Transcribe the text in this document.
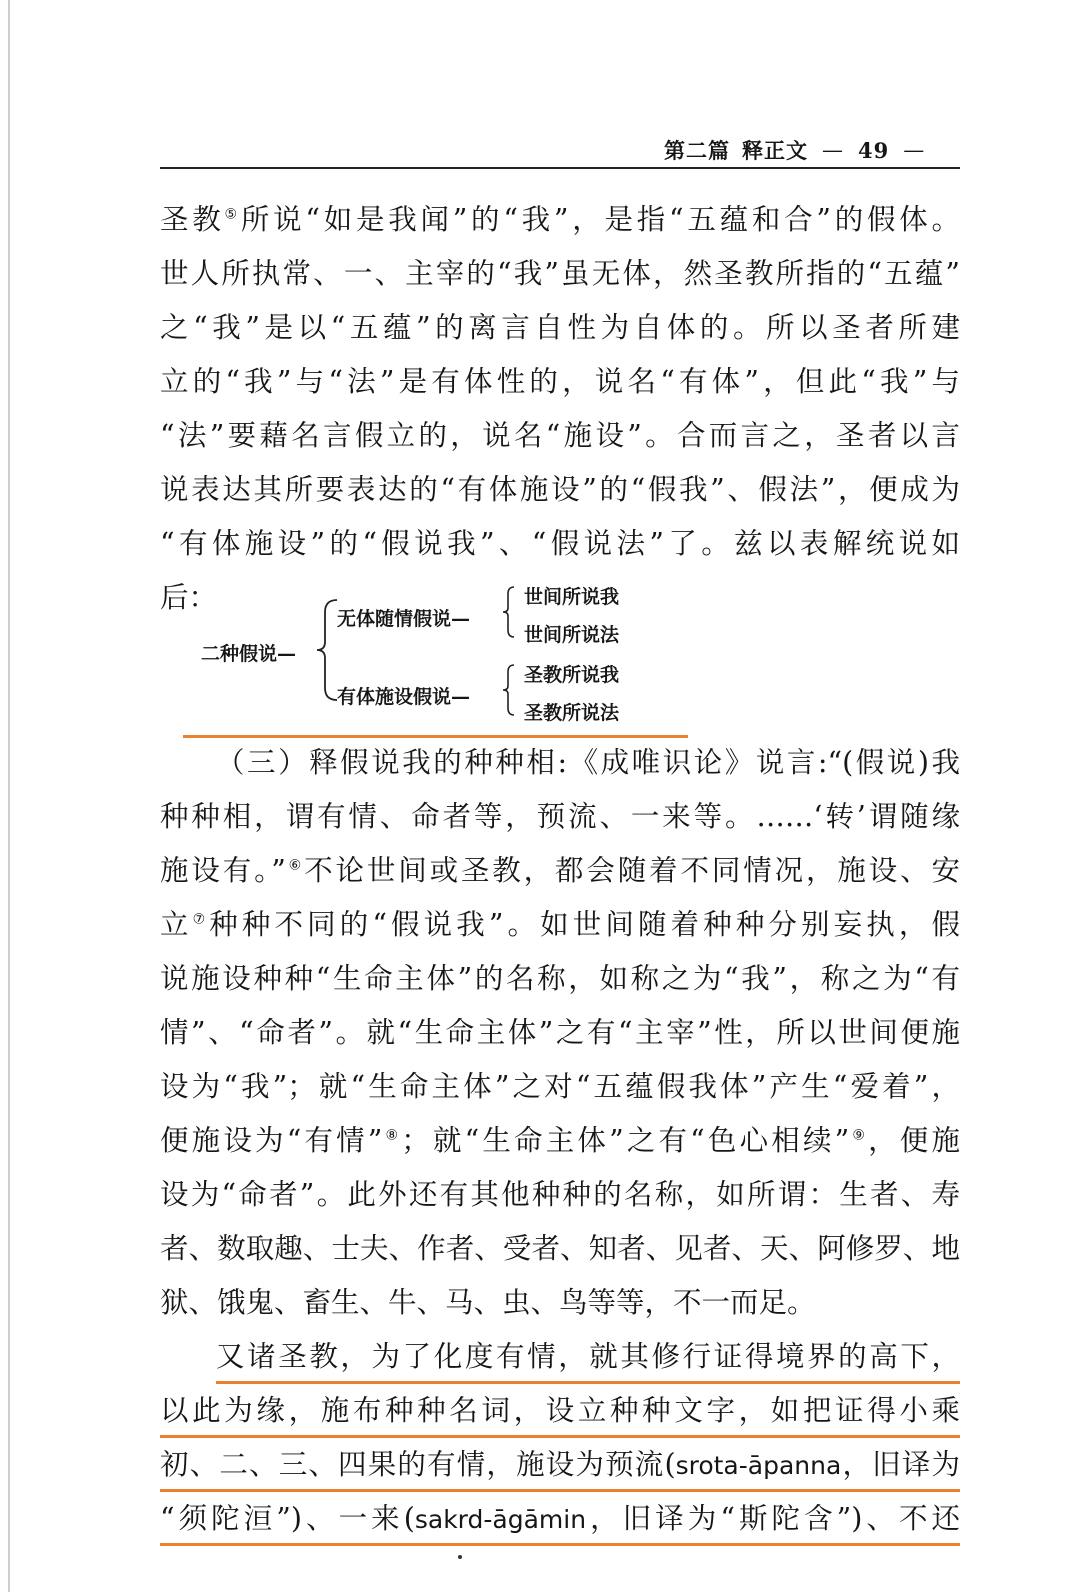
第二篇 释正文 — 49 —
圣教⑤所说“如是我闻”的“我”，是指“五蕴和合”的假体。
世人所执常、一、主宰的“我”虽无体，然圣教所指的“五蕴”
之“我”是以“五蕴”的离言自性为自体的。所以圣者所建
立的“我”与“法”是有体性的，说名“有体”，但此“我”与
“法”要藉名言假立的，说名“施设”。合而言之，圣者以言
说表达其所要表达的“有体施设”的“假我”、假法”，便成为
“有体施设”的“假说我”、“假说法”了。兹以表解统说如
后：
二种假说—
无体随情假说—
世间所说我
世间所说法
有体施设假说—
圣教所说我
圣教所说法
（三）释假说我的种种相:《成唯识论》说言:“(假说)我
种种相，谓有情、命者等，预流、一来等。……‘转’谓随缘
施设有。”⑥不论世间或圣教，都会随着不同情况，施设、安
立⑦种种不同的“假说我”。如世间随着种种分别妄执，假
说施设种种“生命主体”的名称，如称之为“我”，称之为“有
情”、“命者”。就“生命主体”之有“主宰”性，所以世间便施
设为“我”；就“生命主体”之对“五蕴假我体”产生“爱着”，
便施设为“有情”⑧；就“生命主体”之有“色心相续”⑨，便施
设为“命者”。此外还有其他种种的名称，如所谓：生者、寿
者、数取趣、士夫、作者、受者、知者、见者、天、阿修罗、地
狱、饿鬼、畜生、牛、马、虫、鸟等等，不一而足。
又诸圣教，为了化度有情，就其修行证得境界的高下，
以此为缘，施布种种名词，设立种种文字，如把证得小乘
初、二、三、四果的有情，施设为预流(srota-āpanna，旧译为
“须陀洹”)、一来(sakrd-āgāmin，旧译为“斯陀含”)、不还
